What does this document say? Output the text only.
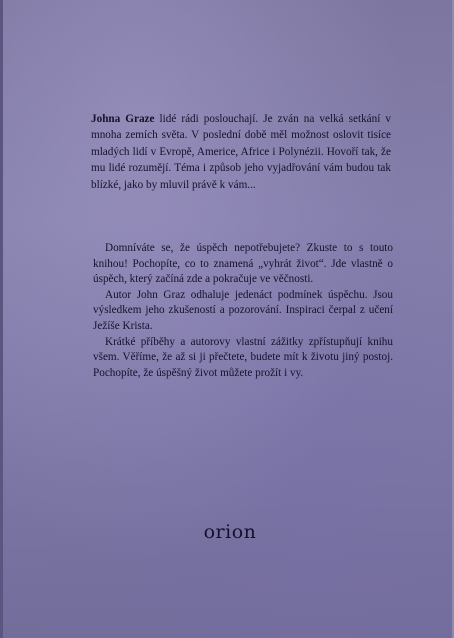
Johna Graze lidé rádi poslouchají. Je zván na velká setkání v mnoha zemích světa. V poslední době měl možnost oslovit tisíce mladých lidí v Evropě, Americe, Africe i Polynézii. Hovoří tak, že mu lidé rozumějí. Téma i způsob jeho vyjadřování vám budou tak blízké, jako by mluvil právě k vám...

Domníváte se, že úspěch nepotřebujete? Zkuste to s touto knihou! Pochopíte, co to znamená „vyhrát život“. Jde vlastně o úspěch, který začíná zde a pokračuje ve věčnosti.

Autor John Graz odhaluje jedenáct podmínek úspěchu. Jsou výsledkem jeho zkušeností a pozorování. Inspiraci čerpal z učení Ježíše Krista.

Krátké příběhy a autorovy vlastní zážitky zpřístupňují knihu všem. Věříme, že až si ji přečtete, budete mít k životu jiný postoj. Pochopíte, že úspěšný život můžete prožít i vy.

orion
